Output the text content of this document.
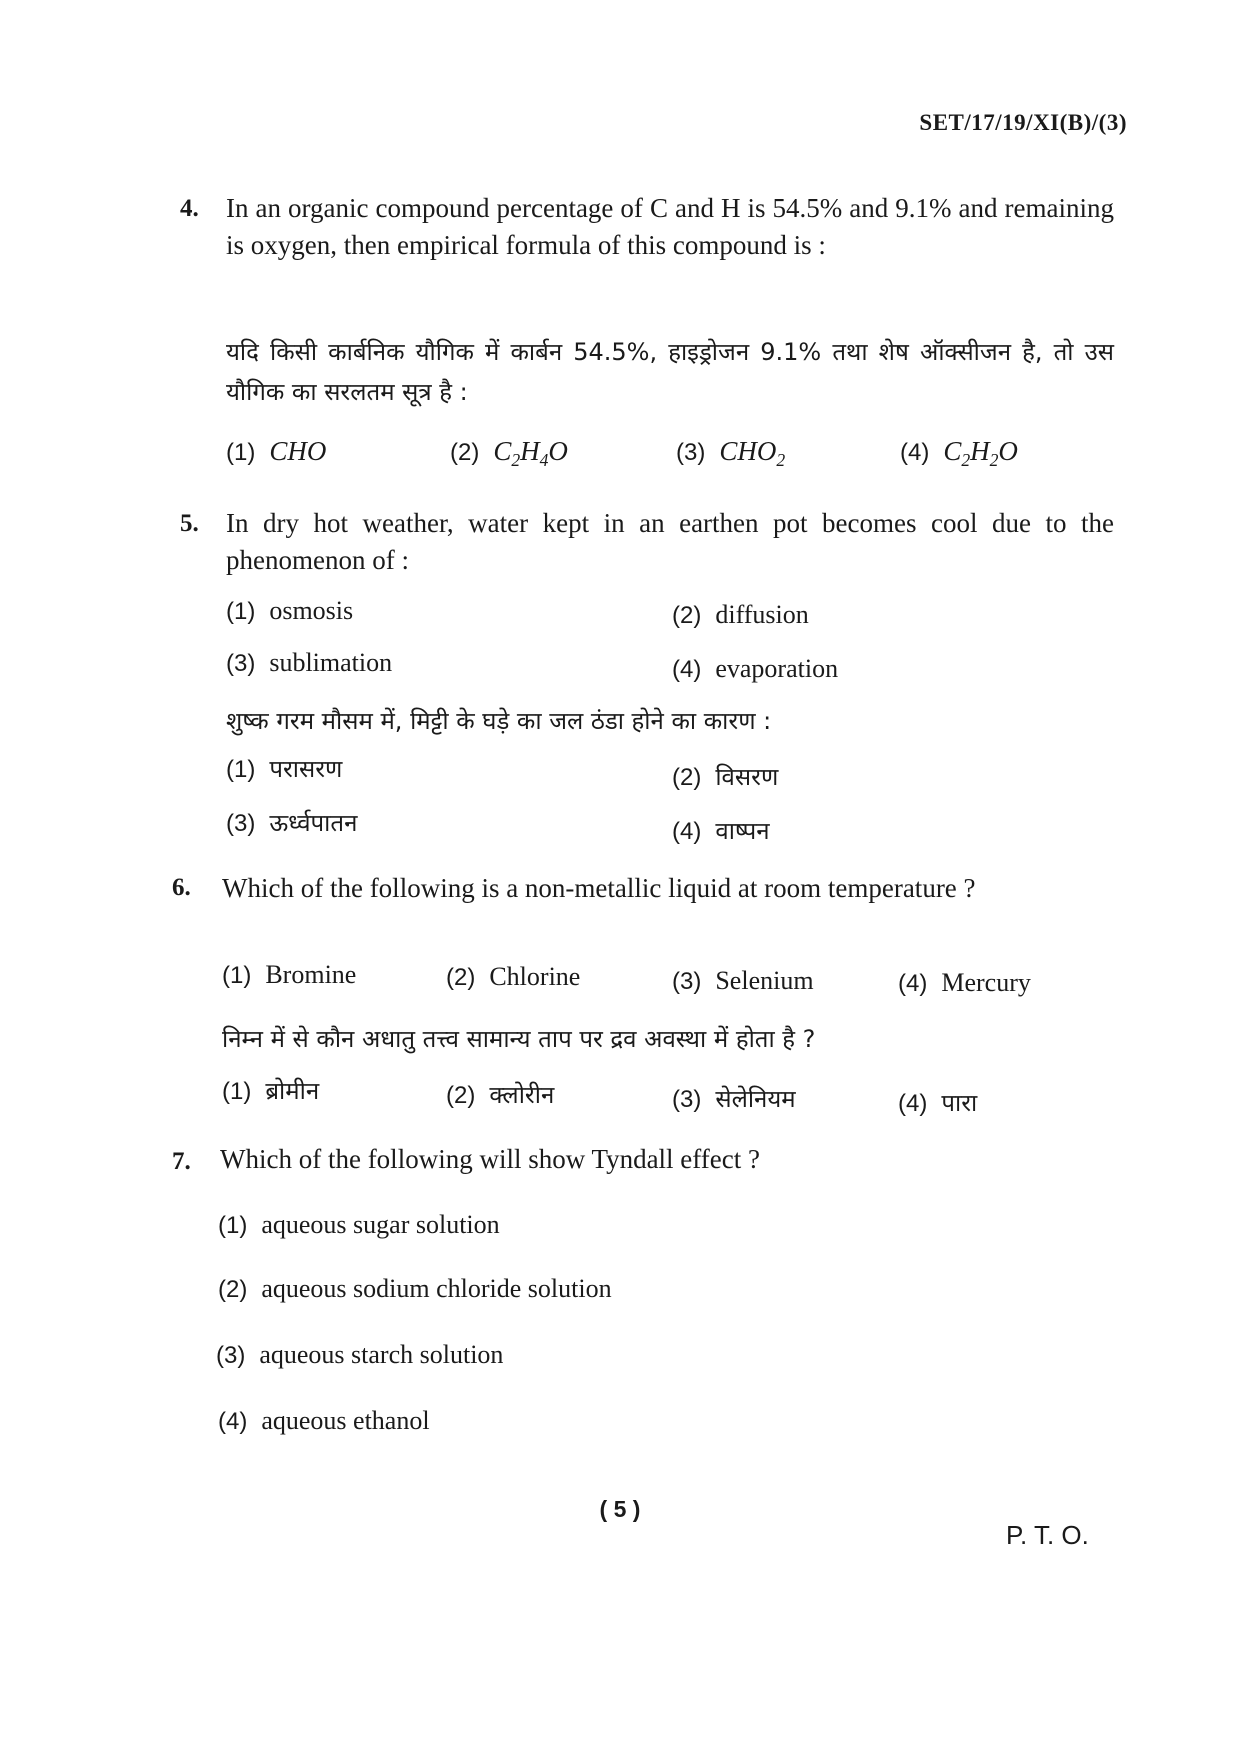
SET/17/19/XI(B)/(3)
4. In an organic compound percentage of C and H is 54.5% and 9.1% and remaining is oxygen, then empirical formula of this compound is :
यदि किसी कार्बनिक यौगिक में कार्बन 54.5%, हाइड्रोजन 9.1% तथा शेष ऑक्सीजन है, तो उस यौगिक का सरलतम सूत्र है :
(1) CHO	(2) $C_2H_4O$	(3) $CHO_2$	(4) $C_2H_2O$
5. In dry hot weather, water kept in an earthen pot becomes cool due to the phenomenon of :
(1) osmosis	(2) diffusion
(3) sublimation	(4) evaporation
शुष्क गरम मौसम में, मिट्टी के घड़े का जल ठंडा होने का कारण :
(1) परासरण	(2) विसरण
(3) ऊर्ध्वपातन	(4) वाष्पन
6. Which of the following is a non-metallic liquid at room temperature ?
(1) Bromine	(2) Chlorine	(3) Selenium	(4) Mercury
निम्न में से कौन अधातु तत्त्व सामान्य ताप पर द्रव अवस्था में होता है ?
(1) ब्रोमीन	(2) क्लोरीन	(3) सेलेनियम	(4) पारा
7. Which of the following will show Tyndall effect ?
(1) aqueous sugar solution
(2) aqueous sodium chloride solution
(3) aqueous starch solution
(4) aqueous ethanol
( 5 )
P. T. O.
